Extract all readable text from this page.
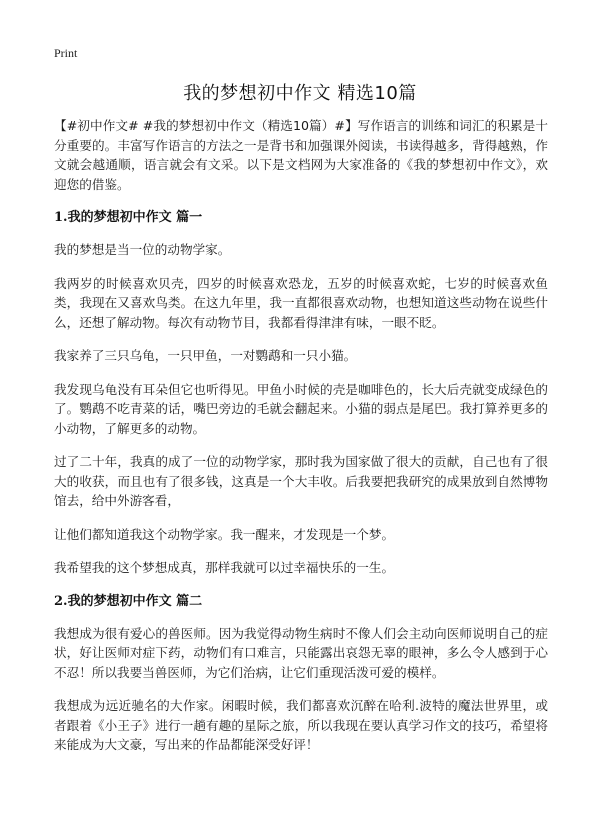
Print
我的梦想初中作文 精选10篇

【#初中作文# #我的梦想初中作文（精选10篇）#】写作语言的训练和词汇的积累是十分重要的。丰富写作语言的方法之一是背书和加强课外阅读，书读得越多，背得越熟，作文就会越通顺，语言就会有文采。以下是文档网为大家准备的《我的梦想初中作文》，欢迎您的借鉴。

1.我的梦想初中作文 篇一

我的梦想是当一位的动物学家。

我两岁的时候喜欢贝壳，四岁的时候喜欢恐龙，五岁的时候喜欢蛇，七岁的时候喜欢鱼类，我现在又喜欢鸟类。在这九年里，我一直都很喜欢动物，也想知道这些动物在说些什么，还想了解动物。每次有动物节目，我都看得津津有味，一眼不眨。

我家养了三只乌龟，一只甲鱼，一对鹦鹉和一只小猫。

我发现乌龟没有耳朵但它也听得见。甲鱼小时候的壳是咖啡色的，长大后壳就变成绿色的了。鹦鹉不吃青菜的话，嘴巴旁边的毛就会翻起来。小猫的弱点是尾巴。我打算养更多的小动物，了解更多的动物。

过了二十年，我真的成了一位的动物学家，那时我为国家做了很大的贡献，自己也有了很大的收获，而且也有了很多钱，这真是一个大丰收。后我要把我研究的成果放到自然博物馆去，给中外游客看，

让他们都知道我这个动物学家。我一醒来，才发现是一个梦。

我希望我的这个梦想成真，那样我就可以过幸福快乐的一生。

2.我的梦想初中作文 篇二

我想成为很有爱心的兽医师。因为我觉得动物生病时不像人们会主动向医师说明自己的症状，好让医师对症下药，动物们有口难言，只能露出哀怨无辜的眼神，多么令人感到于心不忍！所以我要当兽医师，为它们治病，让它们重现活泼可爱的模样。

我想成为远近驰名的大作家。闲暇时候，我们都喜欢沉醉在哈利.波特的魔法世界里，或者跟着《小王子》进行一趟有趣的星际之旅，所以我现在要认真学习作文的技巧，希望将来能成为大文豪，写出来的作品都能深受好评！
